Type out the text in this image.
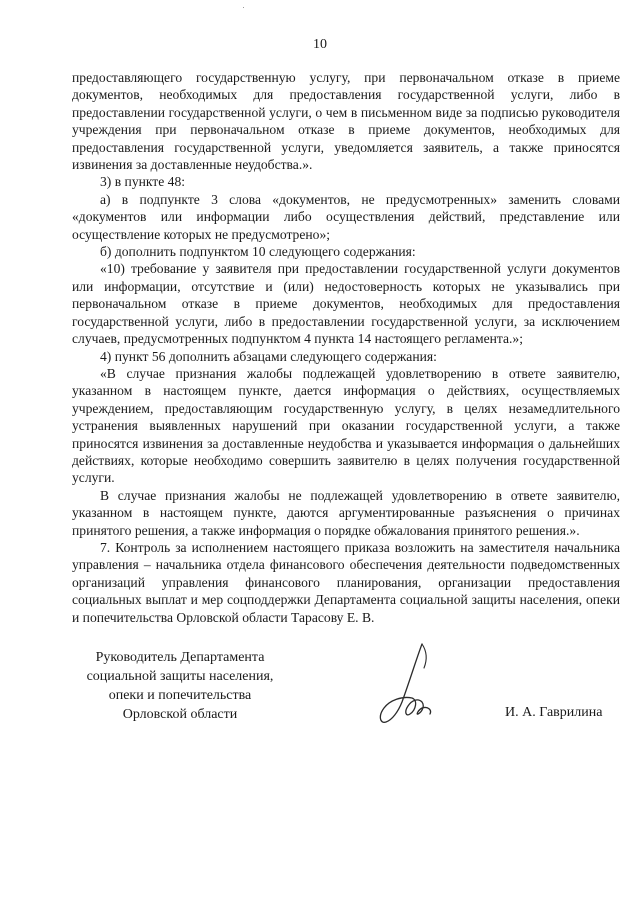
10

предоставляющего государственную услугу, при первоначальном отказе в приеме документов, необходимых для предоставления государственной услуги, либо в предоставлении государственной услуги, о чем в письменном виде за подписью руководителя учреждения при первоначальном отказе в приеме документов, необходимых для предоставления государственной услуги, уведомляется заявитель, а также приносятся извинения за доставленные неудобства.».

3) в пункте 48:

а) в подпункте 3 слова «документов, не предусмотренных» заменить словами «документов или информации либо осуществления действий, представление или осуществление которых не предусмотрено»;

б) дополнить подпунктом 10 следующего содержания:

«10) требование у заявителя при предоставлении государственной услуги документов или информации, отсутствие и (или) недостоверность которых не указывались при первоначальном отказе в приеме документов, необходимых для предоставления государственной услуги, либо в предоставлении государственной услуги, за исключением случаев, предусмотренных подпунктом 4 пункта 14 настоящего регламента.»;

4) пункт 56 дополнить абзацами следующего содержания:

«В случае признания жалобы подлежащей удовлетворению в ответе заявителю, указанном в настоящем пункте, дается информация о действиях, осуществляемых учреждением, предоставляющим государственную услугу, в целях незамедлительного устранения выявленных нарушений при оказании государственной услуги, а также приносятся извинения за доставленные неудобства и указывается информация о дальнейших действиях, которые необходимо совершить заявителю в целях получения государственной услуги.

В случае признания жалобы не подлежащей удовлетворению в ответе заявителю, указанном в настоящем пункте, даются аргументированные разъяснения о причинах принятого решения, а также информация о порядке обжалования принятого решения.».

7. Контроль за исполнением настоящего приказа возложить на заместителя начальника управления – начальника отдела финансового обеспечения деятельности подведомственных организаций управления финансового планирования, организации предоставления социальных выплат и мер соцподдержки Департамента социальной защиты населения, опеки и попечительства Орловской области Тарасову Е. В.

Руководитель Департамента
социальной защиты населения,
опеки и попечительства
Орловской области	И. А. Гаврилина
